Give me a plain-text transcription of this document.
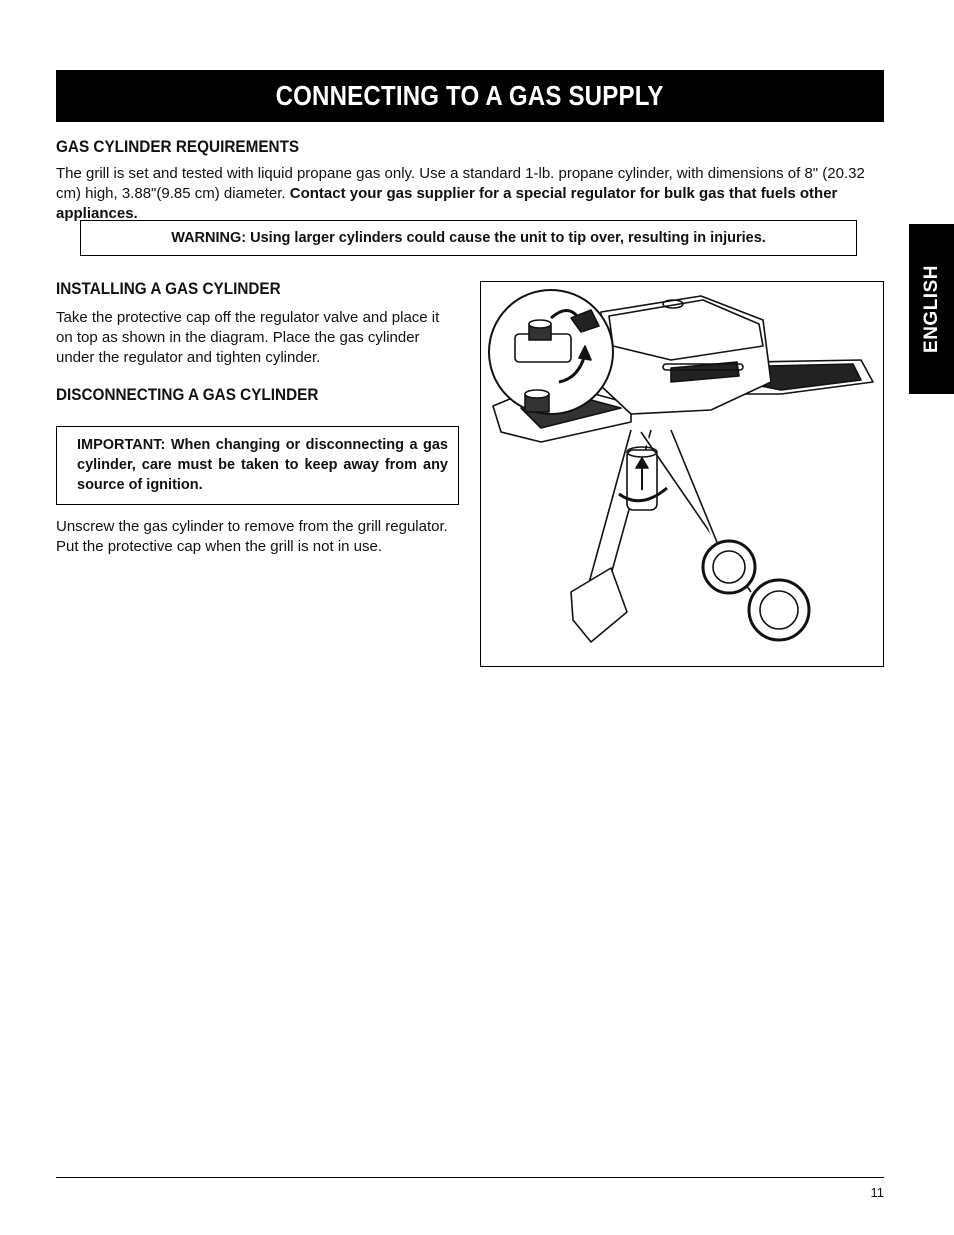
CONNECTING TO A GAS SUPPLY
ENGLISH
GAS CYLINDER REQUIREMENTS

The grill is set and tested with liquid propane gas only. Use a standard 1-lb. propane cylinder, with dimensions of 8" (20.32 cm) high, 3.88"(9.85 cm) diameter. Contact your gas supplier for a special regulator for bulk gas that fuels other appliances.

WARNING: Using larger cylinders could cause the unit to tip over, resulting in injuries.
INSTALLING A GAS CYLINDER

Take the protective cap off the regulator valve and place it on top as shown in the diagram. Place the gas cylinder under the regulator and tighten cylinder.

DISCONNECTING A GAS CYLINDER
IMPORTANT: When changing or disconnecting a gas cylinder, care must be taken to keep away from any source of ignition.

Unscrew the gas cylinder to remove from the grill regulator. Put the protective cap when the grill is not in use.

11
